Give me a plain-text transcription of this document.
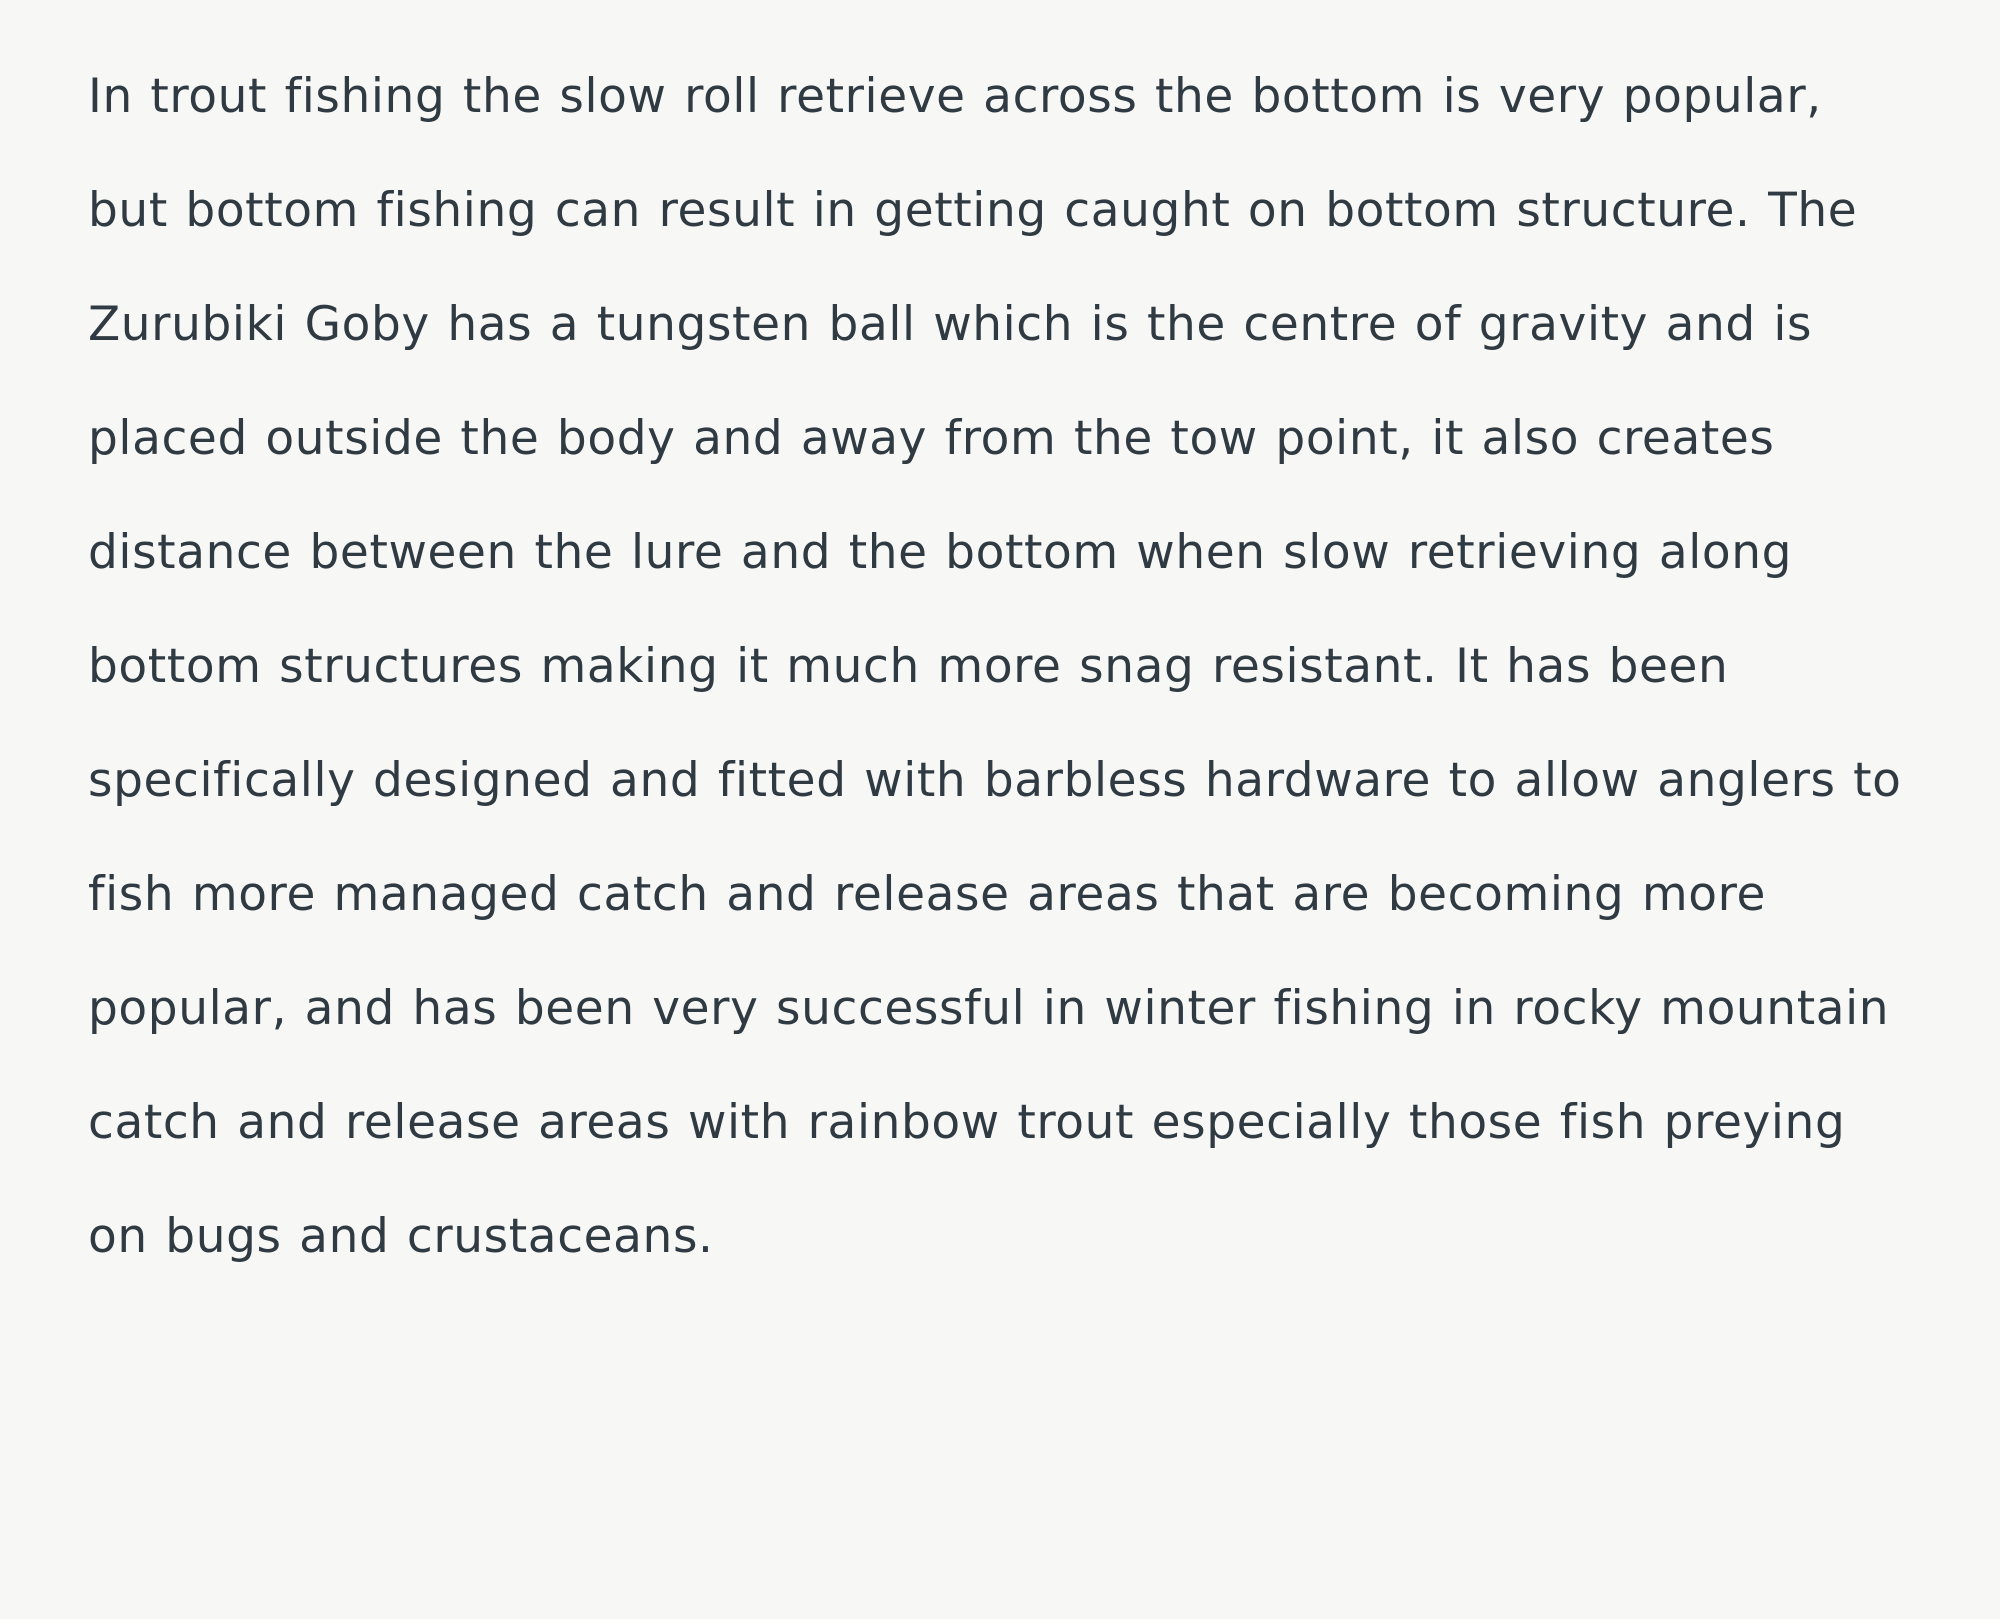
In trout fishing the slow roll retrieve across the bottom is very popular, but bottom fishing can result in getting caught on bottom structure. The Zurubiki Goby has a tungsten ball which is the centre of gravity and is placed outside the body and away from the tow point, it also creates distance between the lure and the bottom when slow retrieving along bottom structures making it much more snag resistant. It has been specifically designed and fitted with barbless hardware to allow anglers to fish more managed catch and release areas that are becoming more popular, and has been very successful in winter fishing in rocky mountain catch and release areas with rainbow trout especially those fish preying on bugs and crustaceans.
